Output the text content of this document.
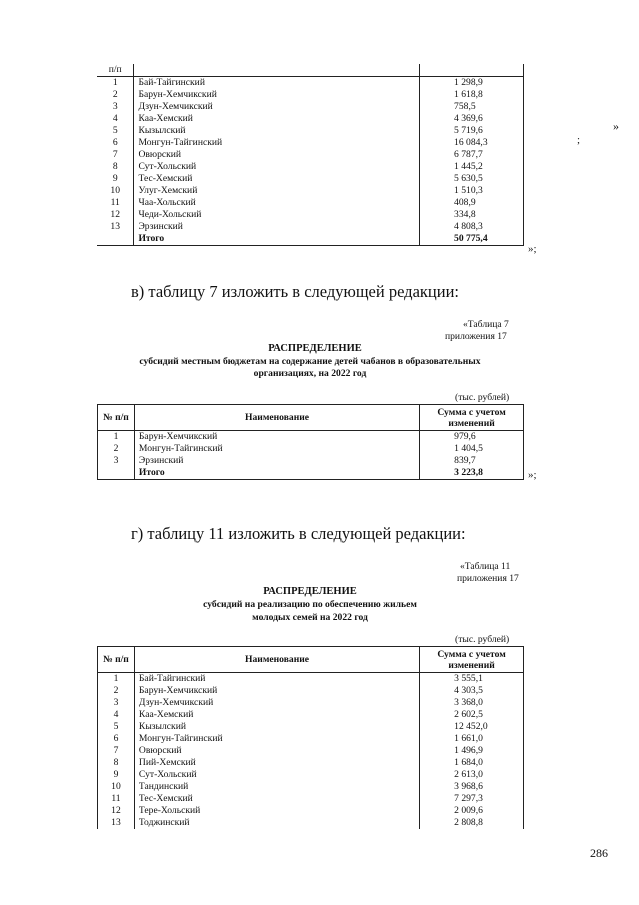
п/п		
1	Бай-Тайгинский	1 298,9
2	Барун-Хемчикский	1 618,8
3	Дзун-Хемчикский	758,5
4	Каа-Хемский	4 369,6
5	Кызылский	5 719,6
6	Монгун-Тайгинский	16 084,3
7	Овюрский	6 787,7
8	Сут-Хольский	1 445,2
9	Тес-Хемский	5 630,5
10	Улуг-Хемский	1 510,3
11	Чаа-Хольский	408,9
12	Чеди-Хольский	334,8
13	Эрзинский	4 808,3
	Итого	50 775,4
»;
»
;
в) таблицу 7 изложить в следующей редакции:
«Таблица 7
приложения 17
РАСПРЕДЕЛЕНИЕ
субсидий местным бюджетам на содержание детей чабанов в образовательных
организациях, на 2022 год
(тыс. рублей)
№ п/п	Наименование	Сумма с учетом изменений
1	Барун-Хемчикский	979,6
2	Монгун-Тайгинский	1 404,5
3	Эрзинский	839,7
	Итого	3 223,8	»;
г) таблицу 11 изложить в следующей редакции:
«Таблица 11
приложения 17
РАСПРЕДЕЛЕНИЕ
субсидий на реализацию по обеспечению жильем
молодых семей на 2022 год
(тыс. рублей)
№ п/п	Наименование	Сумма с учетом изменений
1	Бай-Тайгинский	3 555,1
2	Барун-Хемчикский	4 303,5
3	Дзун-Хемчикский	3 368,0
4	Каа-Хемский	2 602,5
5	Кызылский	12 452,0
6	Монгун-Тайгинский	1 661,0
7	Овюрский	1 496,9
8	Пий-Хемский	1 684,0
9	Сут-Хольский	2 613,0
10	Тандинский	3 968,6
11	Тес-Хемский	7 297,3
12	Тере-Хольский	2 009,6
13	Тоджинский	2 808,8
286
